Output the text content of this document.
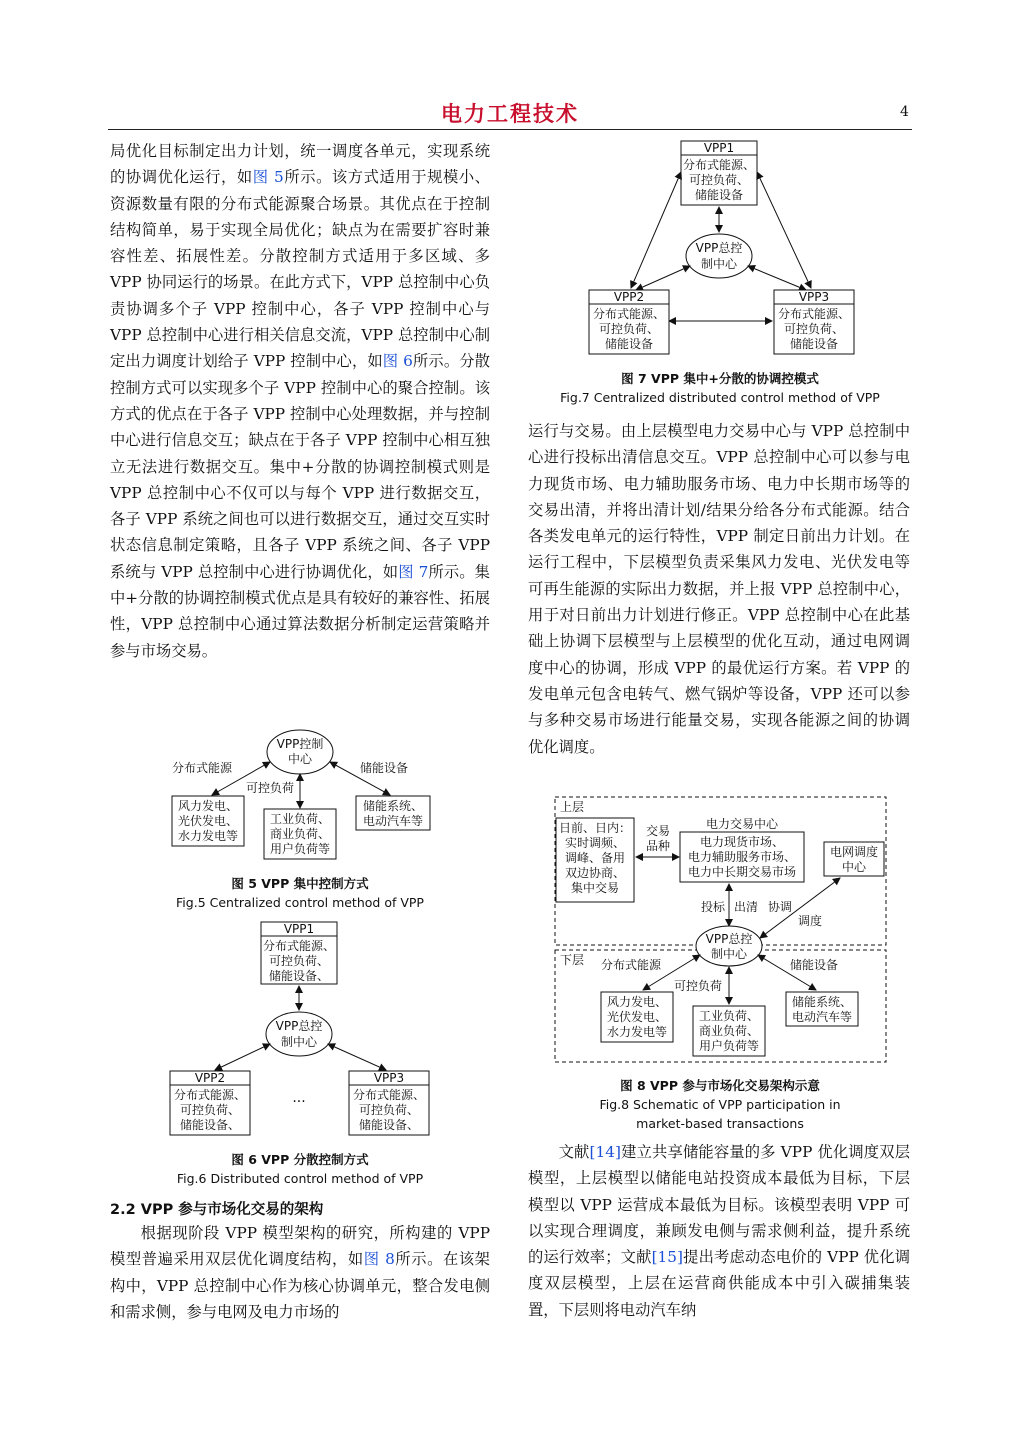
电力工程技术	4

局优化目标制定出力计划，统一调度各单元，实现系统的协调优化运行，如图 5所示。该方式适用于规模小、资源数量有限的分布式能源聚合场景。其优点在于控制结构简单，易于实现全局优化；缺点为在需要扩容时兼容性差、拓展性差。分散控制方式适用于多区域、多 VPP 协同运行的场景。在此方式下，VPP 总控制中心负责协调多个子 VPP 控制中心，各子 VPP 控制中心与 VPP 总控制中心进行相关信息交流，VPP 总控制中心制定出力调度计划给子 VPP 控制中心，如图 6所示。分散控制方式可以实现多个子 VPP 控制中心的聚合控制。该方式的优点在于各子 VPP 控制中心处理数据，并与控制中心进行信息交互；缺点在于各子 VPP 控制中心相互独立无法进行数据交互。集中+分散的协调控制模式则是 VPP 总控制中心不仅可以与每个 VPP 进行数据交互，各子 VPP 系统之间也可以进行数据交互，通过交互实时状态信息制定策略，且各子 VPP 系统之间、各子 VPP 系统与 VPP 总控制中心进行协调优化，如图 7所示。集中+分散的协调控制模式优点是具有较好的兼容性、拓展性，VPP 总控制中心通过算法数据分析制定运营策略并参与市场交易。

VPP控制
中心
分布式能源
可控负荷
储能设备
风力发电、
光伏发电、
水力发电等
工业负荷、
商业负荷、
用户负荷等
储能系统、
电动汽车等
VPP1
分布式能源、
可控负荷、
储能设备、
VPP总控
制中心
VPP2
分布式能源、
可控负荷、
储能设备、
···
VPP3
分布式能源、
可控负荷、
储能设备、
VPP1
分布式能源、
可控负荷、
储能设备
VPP总控
制中心
VPP2
分布式能源、
可控负荷、
储能设备
VPP3
分布式能源、
可控负荷、
储能设备
上层
下层
日前、日内：
实时调频、
调峰、备用
双边协商、
集中交易
交易
品种
电力交易中心
电力现货市场、
电力辅助服务市场、
电力中长期交易市场
电网调度
中心
投标 出清 协调
调度
VPP总控
制中心
分布式能源
可控负荷
储能设备
风力发电、
光伏发电、
水力发电等
工业负荷、
商业负荷、
用户负荷等
储能系统、
电动汽车等
图 5 VPP 集中控制方式
Fig.5 Centralized control method of VPP
图 6 VPP 分散控制方式
Fig.6 Distributed control method of VPP
图 7 VPP 集中+分散的协调控模式
Fig.7 Centralized distributed control method of VPP
图 8 VPP 参与市场化交易架构示意
Fig.8 Schematic of VPP participation in
market-based transactions

运行与交易。由上层模型电力交易中心与 VPP 总控制中心进行投标出清信息交互。VPP 总控制中心可以参与电力现货市场、电力辅助服务市场、电力中长期市场等的交易出清，并将出清计划/结果分给各分布式能源。结合各类发电单元的运行特性，VPP 制定日前出力计划。在运行工程中，下层模型负责采集风力发电、光伏发电等可再生能源的实际出力数据，并上报 VPP 总控制中心，用于对日前出力计划进行修正。VPP 总控制中心在此基础上协调下层模型与上层模型的优化互动，通过电网调度中心的协调，形成 VPP 的最优运行方案。若 VPP 的发电单元包含电转气、燃气锅炉等设备，VPP 还可以参与多种交易市场进行能量交易，实现各能源之间的协调优化调度。

文献[14]建立共享储能容量的多 VPP 优化调度双层模型，上层模型以储能电站投资成本最低为目标，下层模型以 VPP 运营成本最低为目标。该模型表明 VPP 可以实现合理调度，兼顾发电侧与需求侧利益，提升系统的运行效率；文献[15]提出考虑动态电价的 VPP 优化调度双层模型，上层在运营商供能成本中引入碳捕集装置，下层则将电动汽车纳

2.2 VPP 参与市场化交易的架构

根据现阶段 VPP 模型架构的研究，所构建的 VPP 模型普遍采用双层优化调度结构，如图 8所示。在该架构中，VPP 总控制中心作为核心协调单元，整合发电侧和需求侧，参与电网及电力市场的
